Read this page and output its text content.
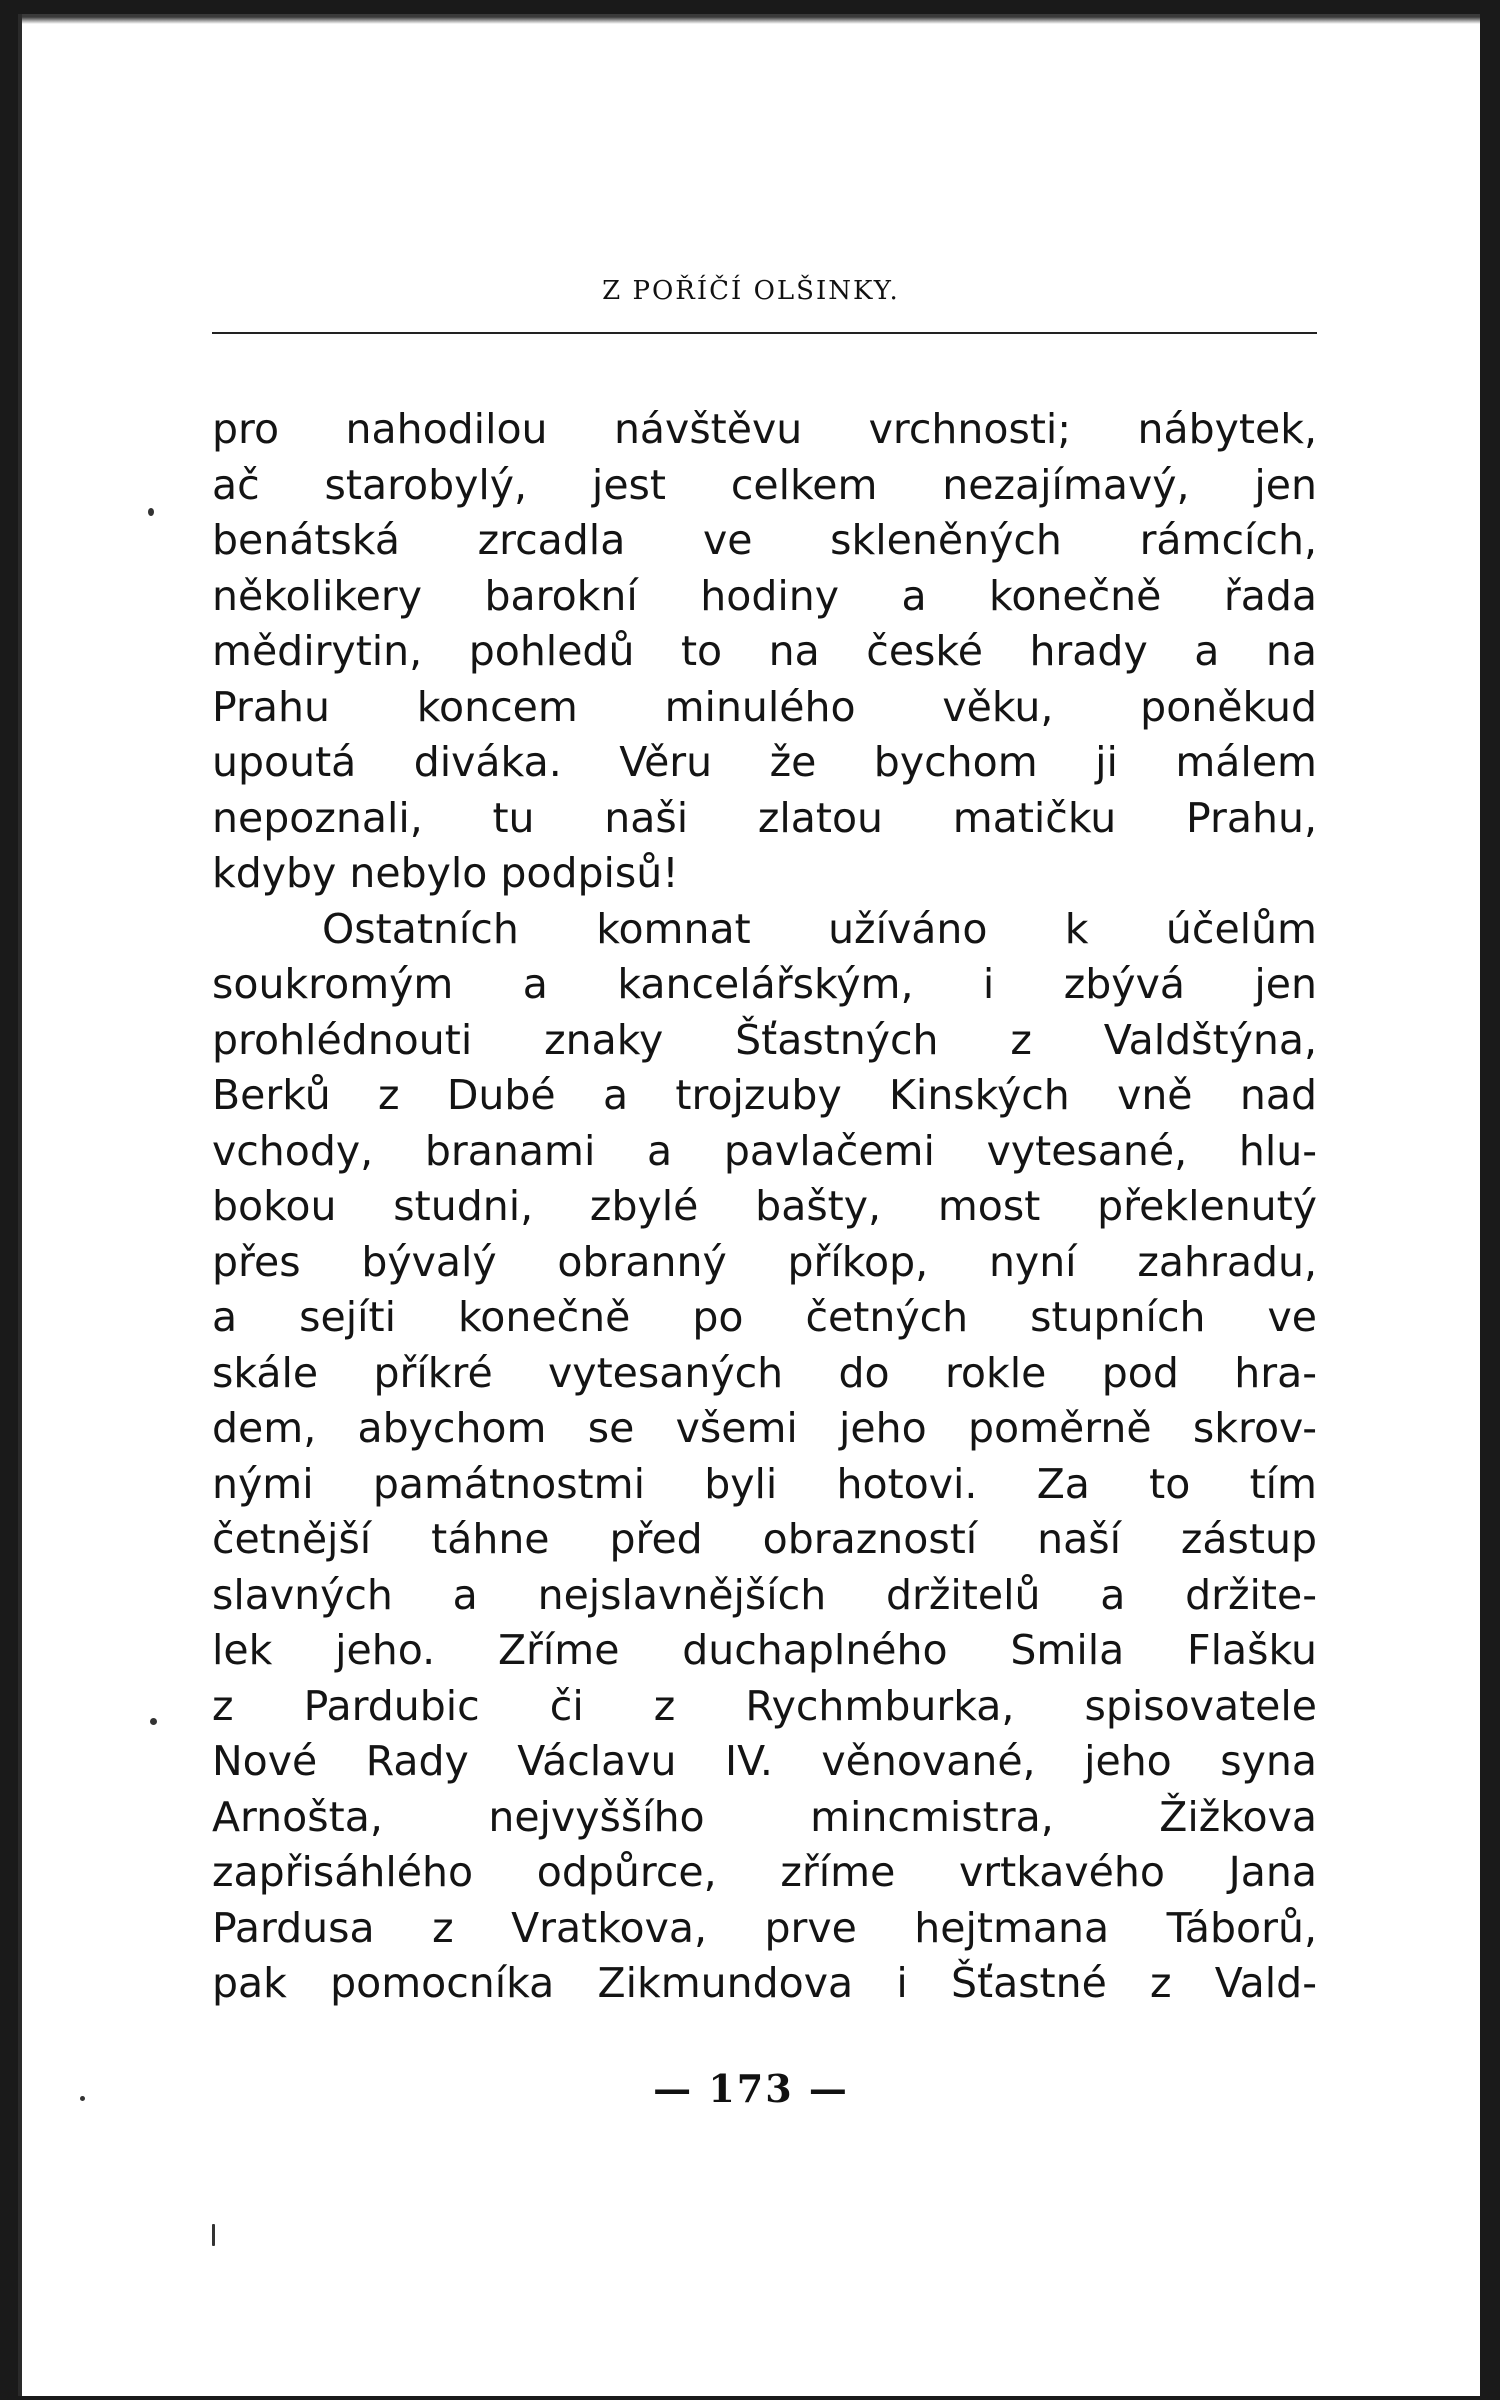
Z POŘÍČÍ OLŠINKY.
pro nahodilou návštěvu vrchnosti; nábytek,
ač starobylý, jest celkem nezajímavý, jen
benátská zrcadla ve skleněných rámcích,
několikery barokní hodiny a konečně řada
mědirytin, pohledů to na české hrady a na
Prahu koncem minulého věku, poněkud
upoutá diváka. Věru že bychom ji málem
nepoznali, tu naši zlatou matičku Prahu,
kdyby nebylo podpisů!
Ostatních komnat užíváno k účelům
soukromým a kancelářským, i zbývá jen
prohlédnouti znaky Šťastných z Valdštýna,
Berků z Dubé a trojzuby Kinských vně nad
vchody, branami a pavlačemi vytesané, hlu-
bokou studni, zbylé bašty, most překlenutý
přes bývalý obranný příkop, nyní zahradu,
a sejíti konečně po četných stupních ve
skále příkré vytesaných do rokle pod hra-
dem, abychom se všemi jeho poměrně skrov-
nými památnostmi byli hotovi. Za to tím
četnější táhne před obrazností naší zástup
slavných a nejslavnějších držitelů a držite-
lek jeho. Zříme duchaplného Smila Flašku
z Pardubic či z Rychmburka, spisovatele
Nové Rady Václavu IV. věnované, jeho syna
Arnošta, nejvyššího mincmistra, Žižkova
zapřisáhlého odpůrce, zříme vrtkavého Jana
Pardusa z Vratkova, prve hejtmana Táborů,
pak pomocníka Zikmundova i Šťastné z Vald-
— 173 —
